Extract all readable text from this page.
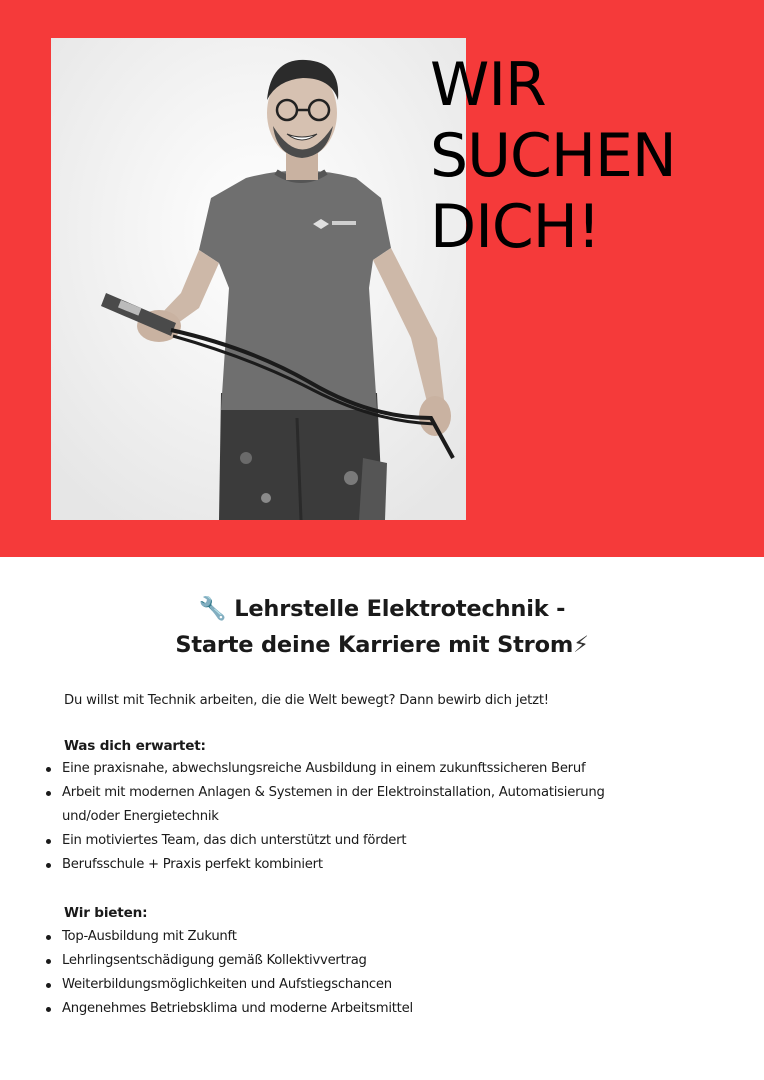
WIR
SUCHEN
DICH!
🔧 Lehrstelle Elektrotechnik -
Starte deine Karriere mit Strom⚡

Du willst mit Technik arbeiten, die die Welt bewegt? Dann bewirb dich jetzt!

Was dich erwartet:
Eine praxisnahe, abwechslungsreiche Ausbildung in einem zukunftssicheren Beruf
Arbeit mit modernen Anlagen & Systemen in der Elektroinstallation, Automatisierung und/oder Energietechnik
Ein motiviertes Team, das dich unterstützt und fördert
Berufsschule + Praxis perfekt kombiniert
Wir bieten:
Top-Ausbildung mit Zukunft
Lehrlingsentschädigung gemäß Kollektivvertrag
Weiterbildungsmöglichkeiten und Aufstiegschancen
Angenehmes Betriebsklima und moderne Arbeitsmittel
